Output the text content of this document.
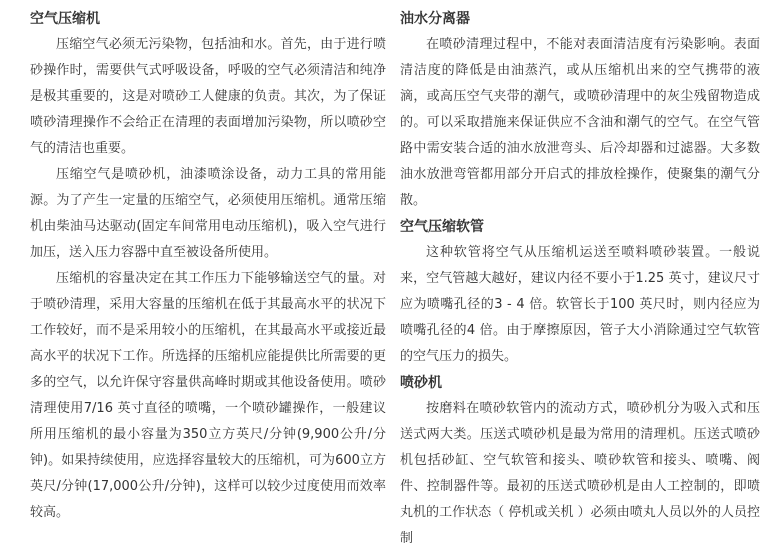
空气压缩机

压缩空气必须无污染物，包括油和水。首先，由于进行喷砂操作时，需要供气式呼吸设备，呼吸的空气必须清洁和纯净是极其重要的，这是对喷砂工人健康的负责。其次，为了保证喷砂清理操作不会给正在清理的表面增加污染物，所以喷砂空气的清洁也重要。

压缩空气是喷砂机，油漆喷涂设备，动力工具的常用能源。为了产生一定量的压缩空气，必须使用压缩机。通常压缩机由柴油马达驱动(固定车间常用电动压缩机)，吸入空气进行加压，送入压力容器中直至被设备所使用。

压缩机的容量决定在其工作压力下能够输送空气的量。对于喷砂清理，采用大容量的压缩机在低于其最高水平的状况下工作较好，而不是采用较小的压缩机，在其最高水平或接近最高水平的状况下工作。所选择的压缩机应能提供比所需要的更多的空气，以允许保守容量供高峰时期或其他设备使用。喷砂清理使用7/16 英寸直径的喷嘴，一个喷砂罐操作，一般建议所用压缩机的最小容量为350立方英尺/分钟(9,900公升/分钟)。如果持续使用，应选择容量较大的压缩机，可为600立方英尺/分钟(17,000公升/分钟)，这样可以较少过度使用而效率较高。

油水分离器

在喷砂清理过程中，不能对表面清洁度有污染影响。表面清洁度的降低是由油蒸汽，或从压缩机出来的空气携带的液滴，或高压空气夹带的潮气，或喷砂清理中的灰尘残留物造成的。可以采取措施来保证供应不含油和潮气的空气。在空气管路中需安装合适的油水放泄弯头、后冷却器和过滤器。大多数油水放泄弯管都用部分开启式的排放栓操作，使聚集的潮气分散。

空气压缩软管

这种软管将空气从压缩机运送至喷料喷砂装置。一般说来，空气管越大越好，建议内径不要小于1.25 英寸，建议尺寸应为喷嘴孔径的3 - 4 倍。软管长于100 英尺时，则内径应为喷嘴孔径的4 倍。由于摩擦原因，管子大小消除通过空气软管的空气压力的损失。

喷砂机

按磨料在喷砂软管内的流动方式，喷砂机分为吸入式和压送式两大类。压送式喷砂机是最为常用的清理机。压送式喷砂机包括砂缸、空气软管和接头、喷砂软管和接头、喷嘴、阀件、控制器件等。最初的压送式喷砂机是由人工控制的，即喷丸机的工作状态（ 停机或关机 ）必须由喷丸人员以外的人员控制
